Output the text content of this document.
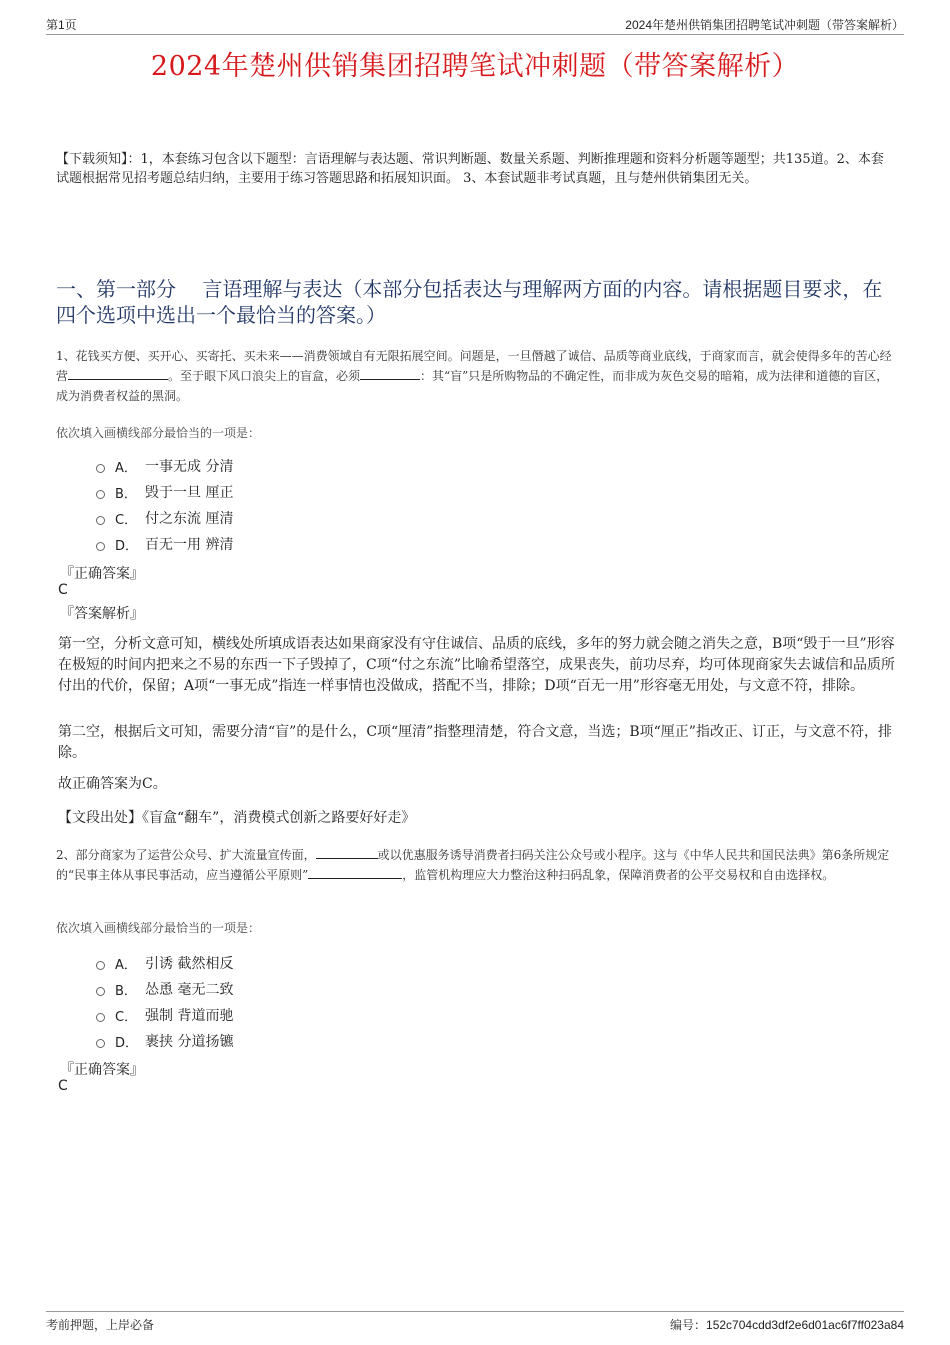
第1页	2024年楚州供销集团招聘笔试冲刺题（带答案解析）
2024年楚州供销集团招聘笔试冲刺题（带答案解析）
【下载须知】：1，本套练习包含以下题型：言语理解与表达题、常识判断题、数量关系题、判断推理题和资料分析题等题型；共135道。2、本套试题根据常见招考题总结归纳，主要用于练习答题思路和拓展知识面。 3、本套试题非考试真题，且与楚州供销集团无关。
一、第一部分　 言语理解与表达（本部分包括表达与理解两方面的内容。请根据题目要求，在四个选项中选出一个最恰当的答案。）
1、花钱买方便、买开心、买寄托、买未来——消费领域自有无限拓展空间。问题是，一旦僭越了诚信、品质等商业底线，于商家而言，就会使得多年的苦心经营	。至于眼下风口浪尖上的盲盒，必须	：其“盲”只是所购物品的不确定性，而非成为灰色交易的暗箱，成为法律和道德的盲区，成为消费者权益的黑洞。
依次填入画横线部分最恰当的一项是：
A． 一事无成 分清
B． 毁于一旦 厘正
C． 付之东流 厘清
D． 百无一用 辨清
『正确答案』
C
『答案解析』
第一空，分析文意可知，横线处所填成语表达如果商家没有守住诚信、品质的底线，多年的努力就会随之消失之意，B项“毁于一旦”形容在极短的时间内把来之不易的东西一下子毁掉了，C项“付之东流”比喻希望落空，成果丧失，前功尽弃，均可体现商家失去诚信和品质所付出的代价，保留；A项“一事无成”指连一样事情也没做成，搭配不当，排除；D项“百无一用”形容毫无用处，与文意不符，排除。
第二空，根据后文可知，需要分清“盲”的是什么，C项“厘清”指整理清楚，符合文意，当选；B项“厘正”指改正、订正，与文意不符，排除。
故正确答案为C。
【文段出处】《盲盒“翻车”，消费模式创新之路要好好走》
2、部分商家为了运营公众号、扩大流量宣传面，	或以优惠服务诱导消费者扫码关注公众号或小程序。这与《中华人民共和国民法典》第6条所规定的“民事主体从事民事活动，应当遵循公平原则”	，监管机构理应大力整治这种扫码乱象，保障消费者的公平交易权和自由选择权。
依次填入画横线部分最恰当的一项是：
A． 引诱 截然相反
B． 怂恿 毫无二致
C． 强制 背道而驰
D． 裹挟 分道扬镳
『正确答案』
C
考前押题，上岸必备	编号：152c704cdd3df2e6d01ac6f7ff023a84
